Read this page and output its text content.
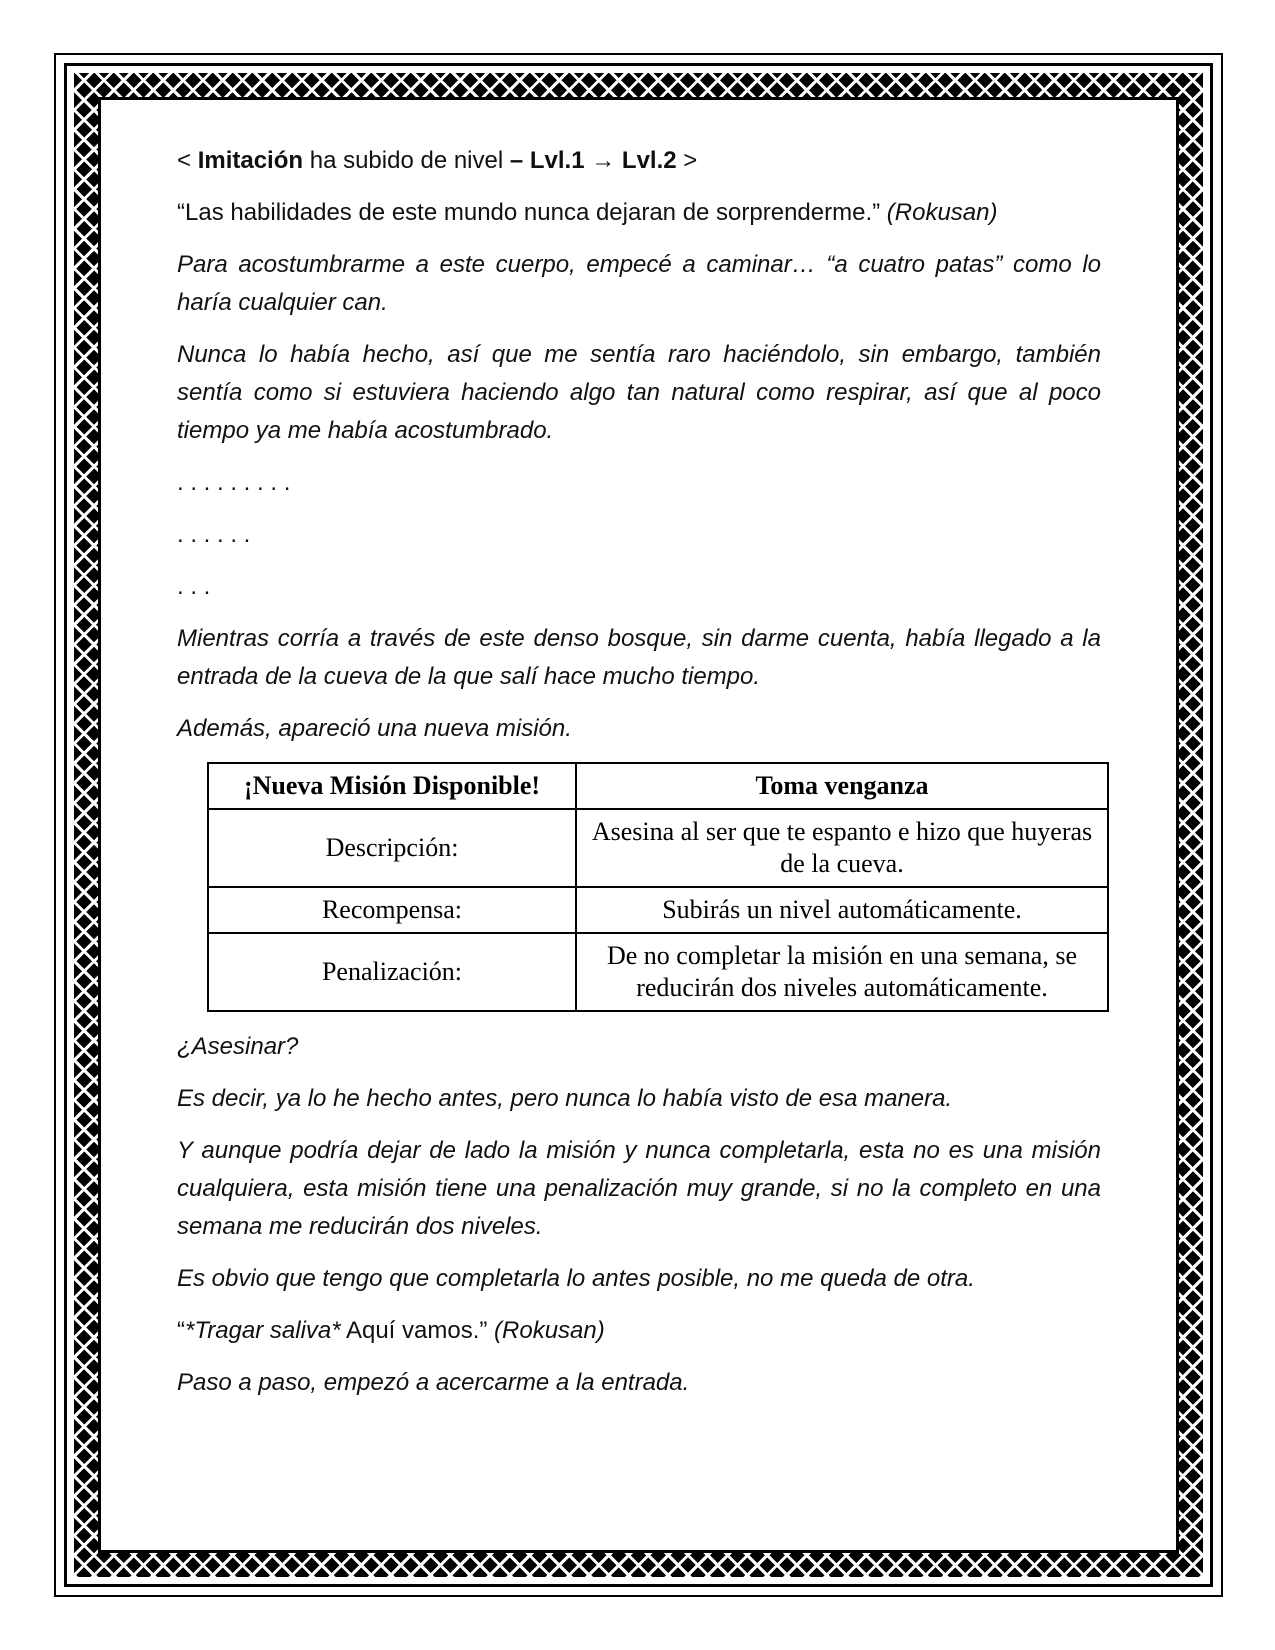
< Imitación ha subido de nivel – Lvl.1 → Lvl.2 >

“Las habilidades de este mundo nunca dejaran de sorprenderme.” (Rokusan)

Para acostumbrarme a este cuerpo, empecé a caminar… “a cuatro patas” como lo haría cualquier can.

Nunca lo había hecho, así que me sentía raro haciéndolo, sin embargo, también sentía como si estuviera haciendo algo tan natural como respirar, así que al poco tiempo ya me había acostumbrado.

. . . . . . . . .

. . . . . .

. . .

Mientras corría a través de este denso bosque, sin darme cuenta, había llegado a la entrada de la cueva de la que salí hace mucho tiempo.

Además, apareció una nueva misión.

¡Nueva Misión Disponible!	Toma venganza
Descripción:	Asesina al ser que te espanto e hizo que huyeras de la cueva.
Recompensa:	Subirás un nivel automáticamente.
Penalización:	De no completar la misión en una semana, se reducirán dos niveles automáticamente.

¿Asesinar?

Es decir, ya lo he hecho antes, pero nunca lo había visto de esa manera.

Y aunque podría dejar de lado la misión y nunca completarla, esta no es una misión cualquiera, esta misión tiene una penalización muy grande, si no la completo en una semana me reducirán dos niveles.

Es obvio que tengo que completarla lo antes posible, no me queda de otra.

“*Tragar saliva* Aquí vamos.” (Rokusan)

Paso a paso, empezó a acercarme a la entrada.
